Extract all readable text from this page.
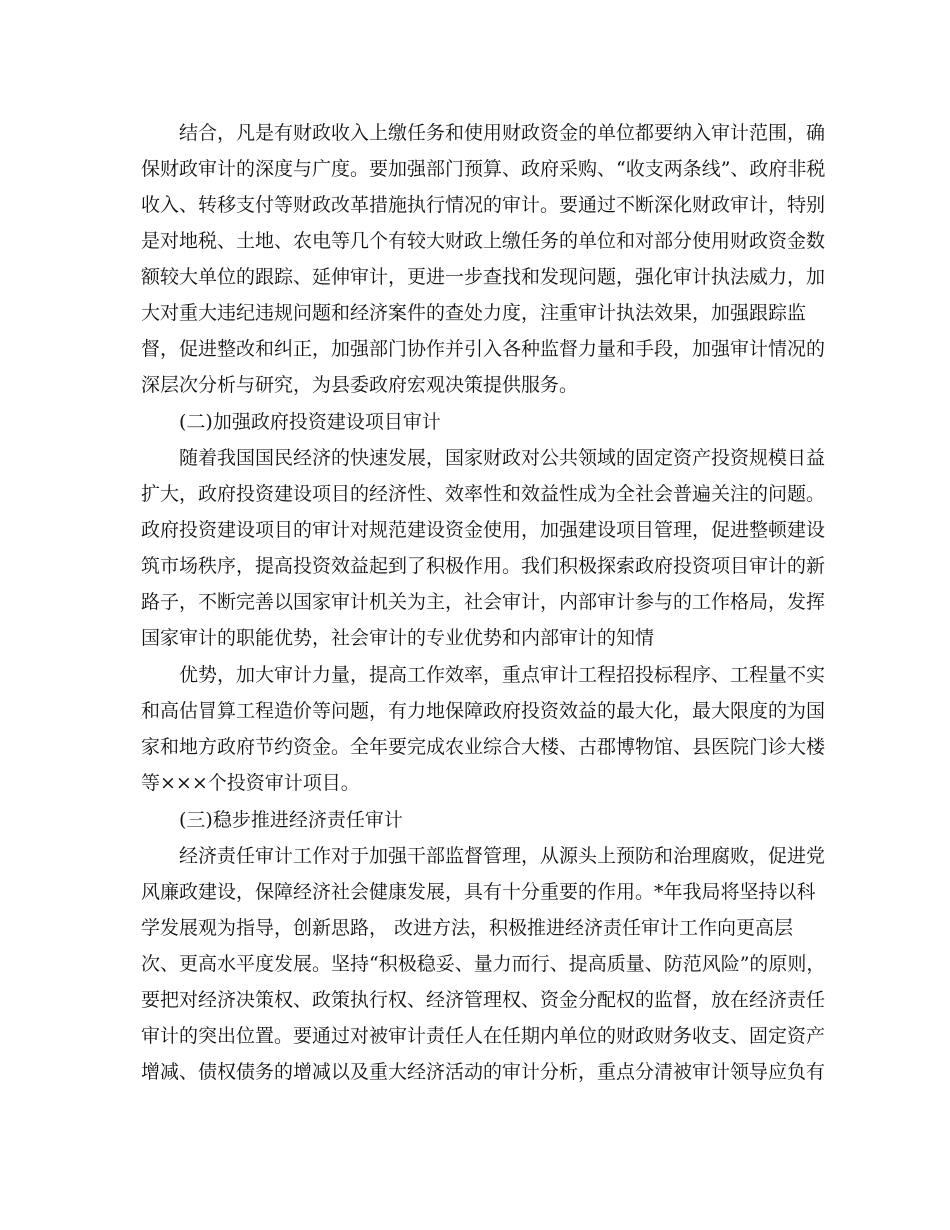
结合，凡是有财政收入上缴任务和使用财政资金的单位都要纳入审计范围，确
保财政审计的深度与广度。要加强部门预算、政府采购、“收支两条线”、政府非税
收入、转移支付等财政改革措施执行情况的审计。要通过不断深化财政审计，特别
是对地税、土地、农电等几个有较大财政上缴任务的单位和对部分使用财政资金数
额较大单位的跟踪、延伸审计，更进一步查找和发现问题，强化审计执法威力，加
大对重大违纪违规问题和经济案件的查处力度，注重审计执法效果，加强跟踪监
督，促进整改和纠正，加强部门协作并引入各种监督力量和手段，加强审计情况的
深层次分析与研究，为县委政府宏观决策提供服务。
(二)加强政府投资建设项目审计
随着我国国民经济的快速发展，国家财政对公共领域的固定资产投资规模日益
扩大，政府投资建设项目的经济性、效率性和效益性成为全社会普遍关注的问题。
政府投资建设项目的审计对规范建设资金使用，加强建设项目管理，促进整顿建设
筑市场秩序，提高投资效益起到了积极作用。我们积极探索政府投资项目审计的新
路子，不断完善以国家审计机关为主，社会审计，内部审计参与的工作格局，发挥
国家审计的职能优势，社会审计的专业优势和内部审计的知情
优势，加大审计力量，提高工作效率，重点审计工程招投标程序、工程量不实
和高估冒算工程造价等问题，有力地保障政府投资效益的最大化，最大限度的为国
家和地方政府节约资金。全年要完成农业综合大楼、古郡博物馆、县医院门诊大楼
等×××个投资审计项目。
(三)稳步推进经济责任审计
经济责任审计工作对于加强干部监督管理，从源头上预防和治理腐败，促进党
风廉政建设，保障经济社会健康发展，具有十分重要的作用。*年我局将坚持以科
学发展观为指导，创新思路， 改进方法，积极推进经济责任审计工作向更高层
次、更高水平度发展。坚持“积极稳妥、量力而行、提高质量、防范风险”的原则，
要把对经济决策权、政策执行权、经济管理权、资金分配权的监督，放在经济责任
审计的突出位置。要通过对被审计责任人在任期内单位的财政财务收支、固定资产
增减、债权债务的增减以及重大经济活动的审计分析，重点分清被审计领导应负有
